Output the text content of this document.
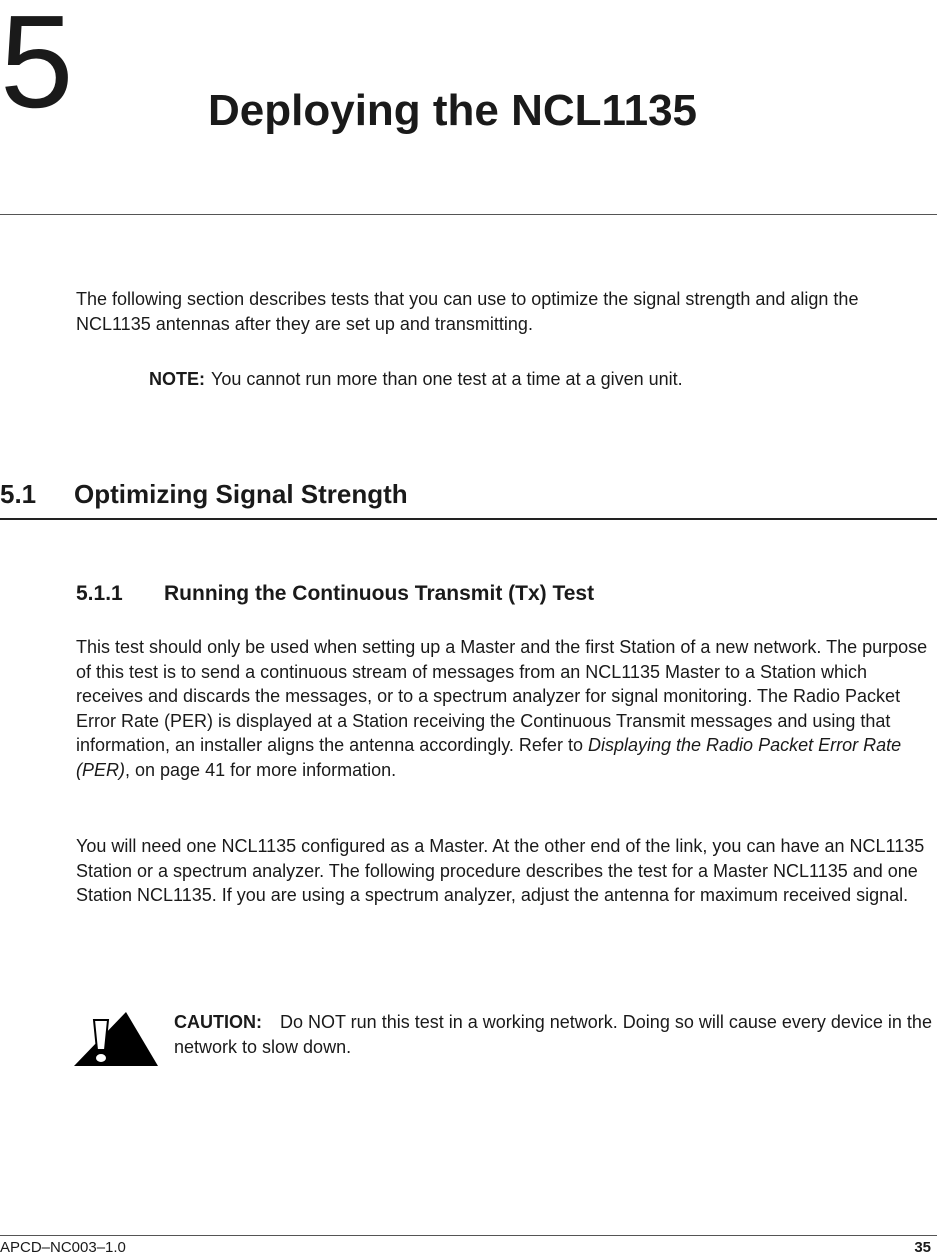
5	Deploying the NCL1135

The following section describes tests that you can use to optimize the signal strength and align the NCL1135 antennas after they are set up and transmitting.

NOTE: You cannot run more than one test at a time at a given unit.

5.1 Optimizing Signal Strength
5.1.1 Running the Continuous Transmit (Tx) Test

This test should only be used when setting up a Master and the first Station of a new network. The purpose of this test is to send a continuous stream of messages from an NCL1135 Master to a Station which receives and discards the messages, or to a spectrum analyzer for signal monitoring. The Radio Packet Error Rate (PER) is displayed at a Station receiving the Continuous Transmit messages and using that information, an installer aligns the antenna accordingly. Refer to Displaying the Radio Packet Error Rate (PER), on page 41 for more information.

You will need one NCL1135 configured as a Master. At the other end of the link, you can have an NCL1135 Station or a spectrum analyzer. The following procedure describes the test for a Master NCL1135 and one Station NCL1135. If you are using a spectrum analyzer, adjust the antenna for maximum received signal.

CAUTION: Do NOT run this test in a working network. Doing so will cause every device in the network to slow down.

APCD–NC003–1.0	35
